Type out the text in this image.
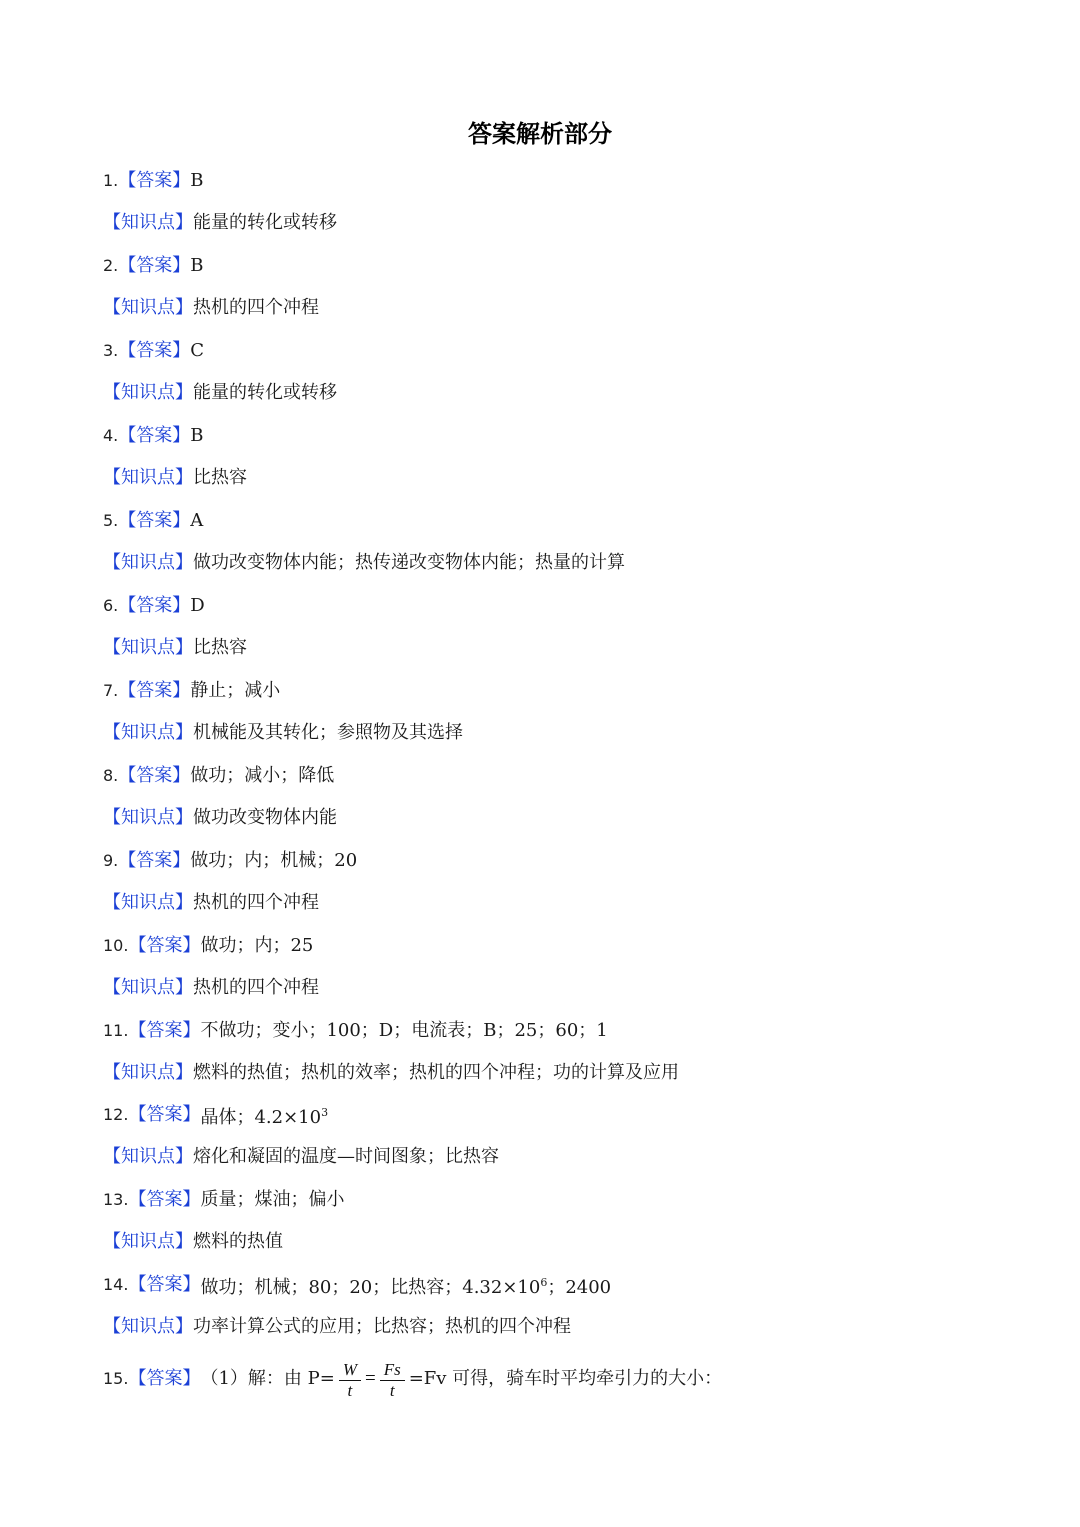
答案解析部分
1. 【答案】 B
【知识点】 能量的转化或转移
2. 【答案】 B
【知识点】 热机的四个冲程
3. 【答案】 C
【知识点】 能量的转化或转移
4. 【答案】 B
【知识点】 比热容
5. 【答案】 A
【知识点】 做功改变物体内能；热传递改变物体内能；热量的计算
6. 【答案】 D
【知识点】 比热容
7. 【答案】 静止；减小
【知识点】 机械能及其转化；参照物及其选择
8. 【答案】 做功；减小；降低
【知识点】 做功改变物体内能
9. 【答案】 做功；内；机械；20
【知识点】 热机的四个冲程
10. 【答案】 做功；内；25
【知识点】 热机的四个冲程
11. 【答案】 不做功；变小；100；D；电流表；B；25；60；1
【知识点】 燃料的热值；热机的效率；热机的四个冲程；功的计算及应用
12. 【答案】 晶体；$4.2\times 10^3$
【知识点】 熔化和凝固的温度—时间图象；比热容
13. 【答案】 质量；煤油；偏小
【知识点】 燃料的热值
14. 【答案】 做功；机械；80；20；比热容；$4.32\times 10^6$；2400
【知识点】 功率计算公式的应用；比热容；热机的四个冲程
15. 【答案】 （1）解：由 $P= \frac{W}{t} = \frac{Fs}{t} =Fv$ 可得，骑车时平均牵引力的大小：
